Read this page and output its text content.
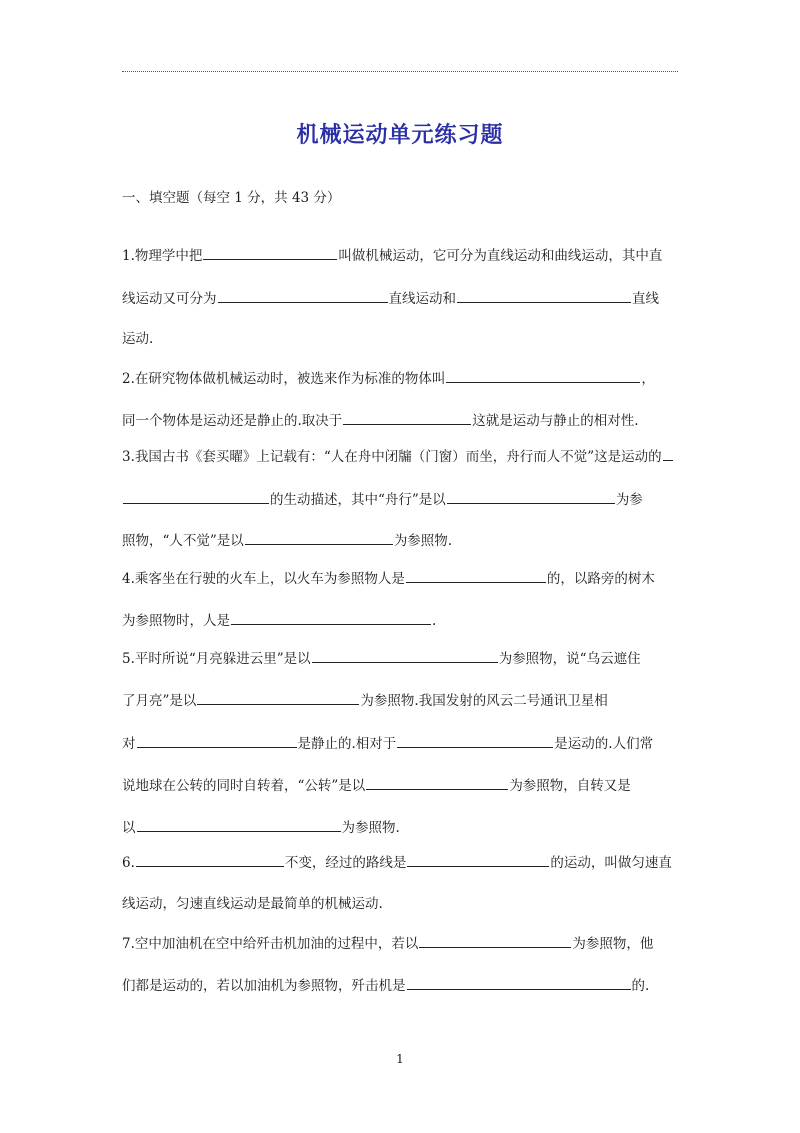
机械运动单元练习题
一、填空题（每空 1 分，共 43 分）
1.物理学中把	叫做机械运动，它可分为直线运动和曲线运动，其中直
线运动又可分为	直线运动和	直线
运动.
2.在研究物体做机械运动时，被选来作为标准的物体叫	，
同一个物体是运动还是静止的.取决于	这就是运动与静止的相对性.
3.我国古书《套买曜》上记载有：“人在舟中闭牖（门窗）而坐，舟行而人不觉”这是运动的
的生动描述，其中“舟行”是以	为参
照物，“人不觉”是以	为参照物.
4.乘客坐在行驶的火车上，以火车为参照物人是	的，以路旁的树木
为参照物时，人是	.
5.平时所说“月亮躲进云里”是以	为参照物，说“乌云遮住
了月亮”是以	为参照物.我国发射的风云二号通讯卫星相
对	是静止的.相对于	是运动的.人们常
说地球在公转的同时自转着，“公转”是以	为参照物，自转又是
以	为参照物.
6.	不变，经过的路线是	的运动，叫做匀速直
线运动，匀速直线运动是最简单的机械运动.
7.空中加油机在空中给歼击机加油的过程中，若以	为参照物，他
们都是运动的，若以加油机为参照物，歼击机是	的.
1
